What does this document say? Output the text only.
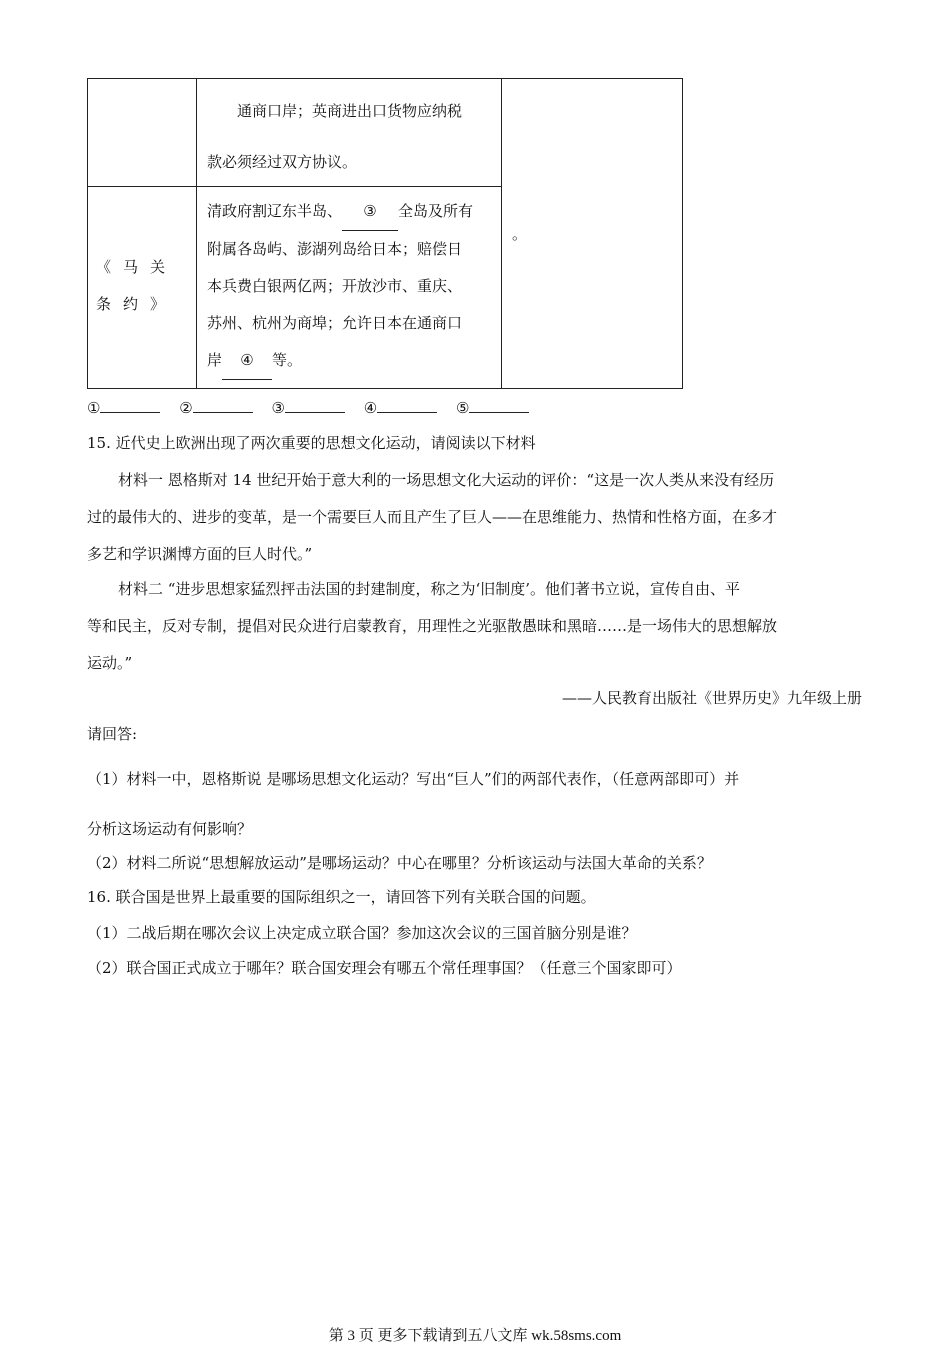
	通商口岸；英商进出口货物应纳税
款必须经过双方协议。	。

《马关条约》	清政府割辽东半岛、 ③ 全岛及所有
附属各岛屿、澎湖列岛给日本；赔偿日
本兵费白银两亿两；开放沙市、重庆、
苏州、杭州为商埠；允许日本在通商口
岸 ④ 等。	
①	②	③	④	⑤
15. 近代史上欧洲出现了两次重要的思想文化运动，请阅读以下材料
材料一 恩格斯对 14 世纪开始于意大利的一场思想文化大运动的评价：“这是一次人类从来没有经历
过的最伟大的、进步的变革，是一个需要巨人而且产生了巨人——在思维能力、热情和性格方面，在多才
多艺和学识渊博方面的巨人时代。”
材料二 “进步思想家猛烈抨击法国的封建制度，称之为‘旧制度’。他们著书立说，宣传自由、平
等和民主，反对专制，提倡对民众进行启蒙教育，用理性之光驱散愚昧和黑暗……是一场伟大的思想解放
运动。”
——人民教育出版社《世界历史》九年级上册
请回答:
（1）材料一中，恩格斯说 是哪场思想文化运动？写出“巨人”们的两部代表作，（任意两部即可）并
分析这场运动有何影响？
（2）材料二所说“思想解放运动”是哪场运动？中心在哪里？分析该运动与法国大革命的关系？
16. 联合国是世界上最重要的国际组织之一，请回答下列有关联合国的问题。
（1）二战后期在哪次会议上决定成立联合国？参加这次会议的三国首脑分别是谁？
（2）联合国正式成立于哪年？联合国安理会有哪五个常任理事国？（任意三个国家即可）
第 3 页 更多下载请到五八文库 wk.58sms.com
